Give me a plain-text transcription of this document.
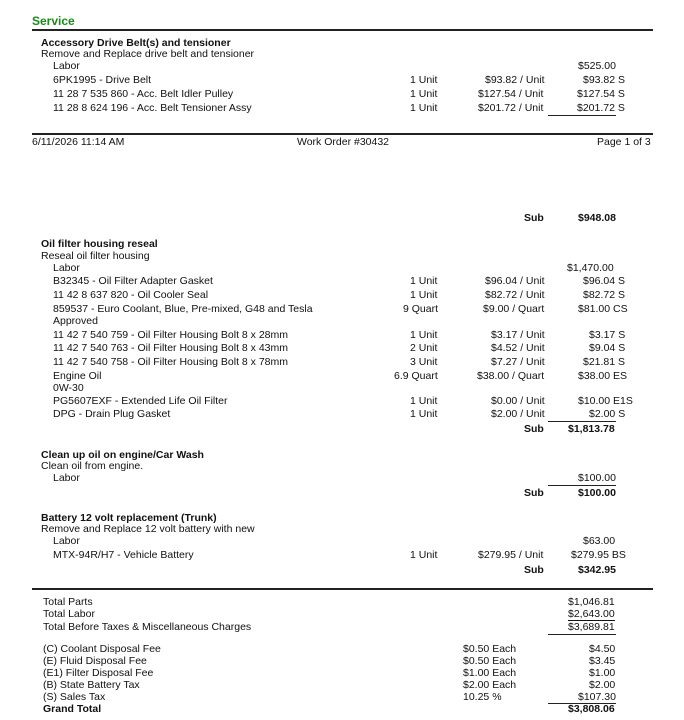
Service
Accessory Drive Belt(s) and tensioner
Remove and Replace drive belt and tensioner
Labor	$525.00
6PK1995 - Drive Belt	1 Unit	$93.82 / Unit	$93.82 S
11 28 7 535 860 - Acc. Belt Idler Pulley	1 Unit	$127.54 / Unit	$127.54 S
11 28 8 624 196 - Acc. Belt Tensioner Assy	1 Unit	$201.72 / Unit	$201.72 S
6/11/2026 11:14 AM	Work Order #30432	Page 1 of 3
Sub	$948.08
Oil filter housing reseal
Reseal oil filter housing
Labor	$1,470.00
B32345 - Oil Filter Adapter Gasket	1 Unit	$96.04 / Unit	$96.04 S
11 42 8 637 820 - Oil Cooler Seal	1 Unit	$82.72 / Unit	$82.72 S
859537 - Euro Coolant, Blue, Pre-mixed, G48 and Tesla
Approved
9 Quart	$9.00 / Quart	$81.00 CS
11 42 7 540 759 - Oil Filter Housing Bolt 8 x 28mm	1 Unit	$3.17 / Unit	$3.17 S
11 42 7 540 763 - Oil Filter Housing Bolt 8 x 43mm	2 Unit	$4.52 / Unit	$9.04 S
11 42 7 540 758 - Oil Filter Housing Bolt 8 x 78mm	3 Unit	$7.27 / Unit	$21.81 S
Engine Oil
0W-30
6.9 Quart	$38.00 / Quart	$38.00 ES
PG5607EXF - Extended Life Oil Filter	1 Unit	$0.00 / Unit	$10.00 E1S
DPG - Drain Plug Gasket	1 Unit	$2.00 / Unit	$2.00 S
Sub $1,813.78
Clean up oil on engine/Car Wash
Clean oil from engine.
Labor	$100.00
Sub	$100.00
Battery 12 volt replacement (Trunk)
Remove and Replace 12 volt battery with new
Labor	$63.00
MTX-94R/H7 - Vehicle Battery	1 Unit	$279.95 / Unit	$279.95 BS
Sub	$342.95
Total Parts	$1,046.81
Total Labor	$2,643.00
Total Before Taxes & Miscellaneous Charges	$3,689.81
(C) Coolant Disposal Fee	$0.50 Each	$4.50
(E) Fluid Disposal Fee	$0.50 Each	$3.45
(E1) Filter Disposal Fee	$1.00 Each	$1.00
(B) State Battery Tax	$2.00 Each	$2.00
(S) Sales Tax	10.25 %	$107.30
Grand Total	$3,808.06
